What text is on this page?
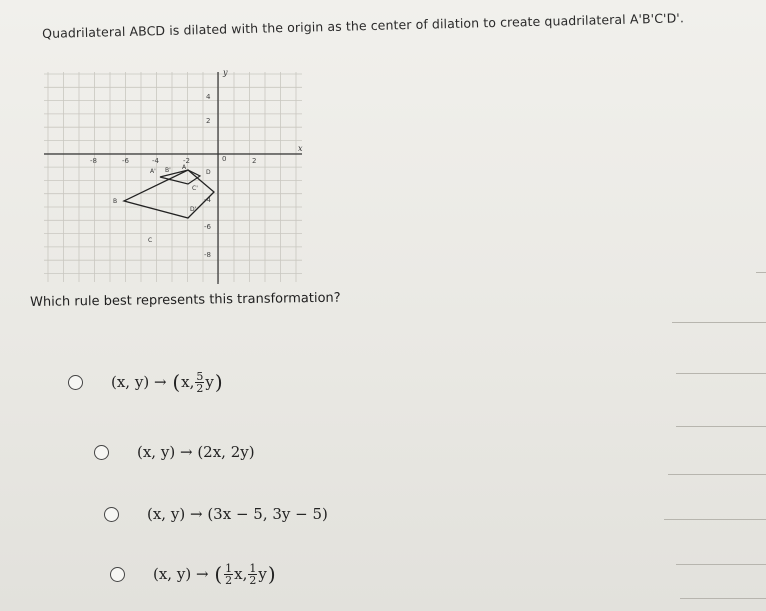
Quadrilateral ABCD is dilated with the origin as the center of dilation to create quadrilateral A'B'C'D'.
y
x
4
2
-4
-6
-8
-8	-6	-4	-2	0	2
A' B' A
D
B
C'
D'
C
Which rule best represents this transformation?
(x, y)
→
( x, $\frac{5}{2}$ y )
(x, y)
→
(2x, 2y)
(x, y)
→
(3x − 5, 3y − 5)
(x, y)
→
( $\frac{1}{2} x$, $\frac{1}{2}$ y )
